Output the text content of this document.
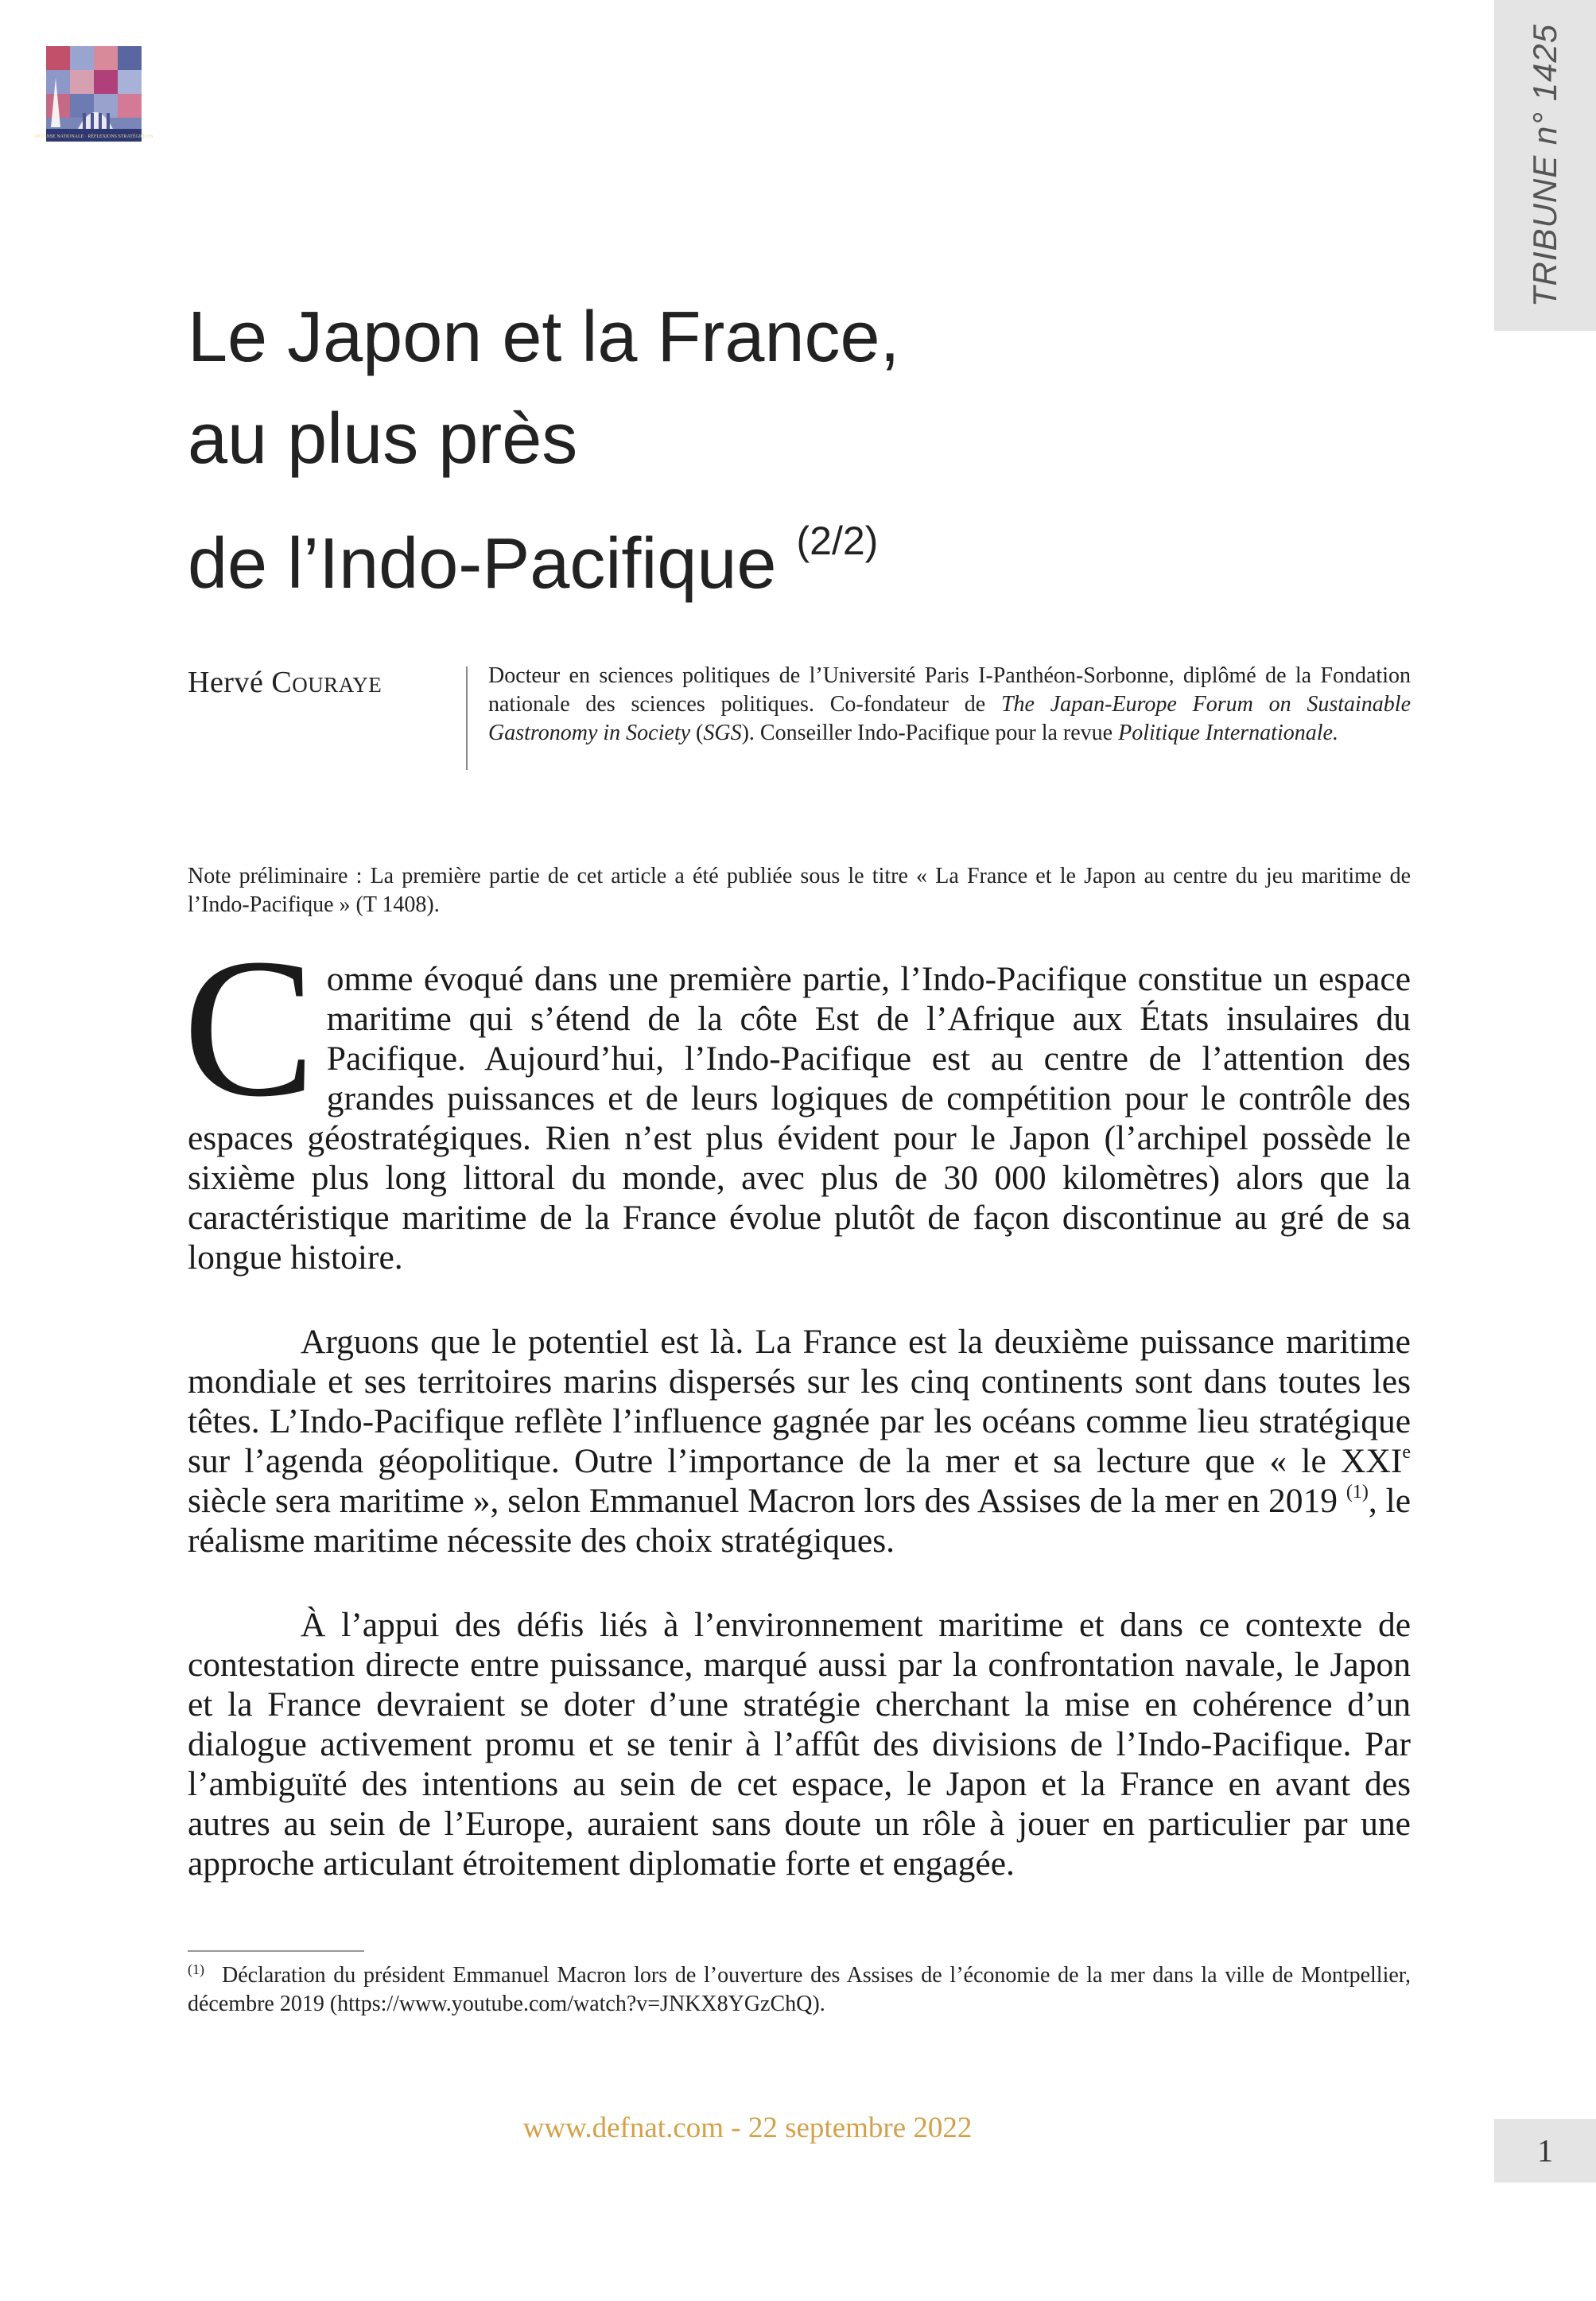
DÉFENSE NATIONALE · RÉFLEXIONS STRATÉGIQUES	TRIBUNE n° 1425
Le Japon et la France,
au plus près
de l’Indo-Pacifique $^{(2/2)}$
Hervé Couraye	Docteur en sciences politiques de l’Université Paris I-Panthéon-Sorbonne, diplômé de la Fondation nationale des sciences politiques. Co-fondateur de The Japan-Europe Forum on Sustainable Gastronomy in Society (SGS). Conseiller Indo-Pacifique pour la revue Politique Internationale.
Note préliminaire : La première partie de cet article a été publiée sous le titre « La France et le Japon au centre du jeu maritime de l’Indo-Pacifique » (T 1408).

Comme évoqué dans une première partie, l’Indo-Pacifique constitue un espace maritime qui s’étend de la côte Est de l’Afrique aux États insulaires du Pacifique. Aujourd’hui, l’Indo-Pacifique est au centre de l’attention des grandes puissances et de leurs logiques de compétition pour le contrôle des espaces géostratégiques. Rien n’est plus évident pour le Japon (l’archipel possède le sixième plus long littoral du monde, avec plus de 30 000 kilomètres) alors que la caractéristique maritime de la France évolue plutôt de façon discontinue au gré de sa longue histoire.

Arguons que le potentiel est là. La France est la deuxième puissance maritime mondiale et ses territoires marins dispersés sur les cinq continents sont dans toutes les têtes. L’Indo-Pacifique reflète l’influence gagnée par les océans comme lieu stratégique sur l’agenda géopolitique. Outre l’importance de la mer et sa lecture que « le XXIe siècle sera maritime », selon Emmanuel Macron lors des Assises de la mer en 2019 $^{(1)}$, le réalisme maritime nécessite des choix stratégiques.

À l’appui des défis liés à l’environnement maritime et dans ce contexte de contestation directe entre puissance, marqué aussi par la confrontation navale, le Japon et la France devraient se doter d’une stratégie cherchant la mise en cohérence d’un dialogue activement promu et se tenir à l’affût des divisions de l’Indo-Pacifique. Par l’ambiguïté des intentions au sein de cet espace, le Japon et la France en avant des autres au sein de l’Europe, auraient sans doute un rôle à jouer en particulier par une approche articulant étroitement diplomatie forte et engagée.

$^{(1)}$ Déclaration du président Emmanuel Macron lors de l’ouverture des Assises de l’économie de la mer dans la ville de Montpellier, décembre 2019 (https://www.youtube.com/watch?v=JNKX8YGzChQ).
www.defnat.com - 22 septembre 2022
1
